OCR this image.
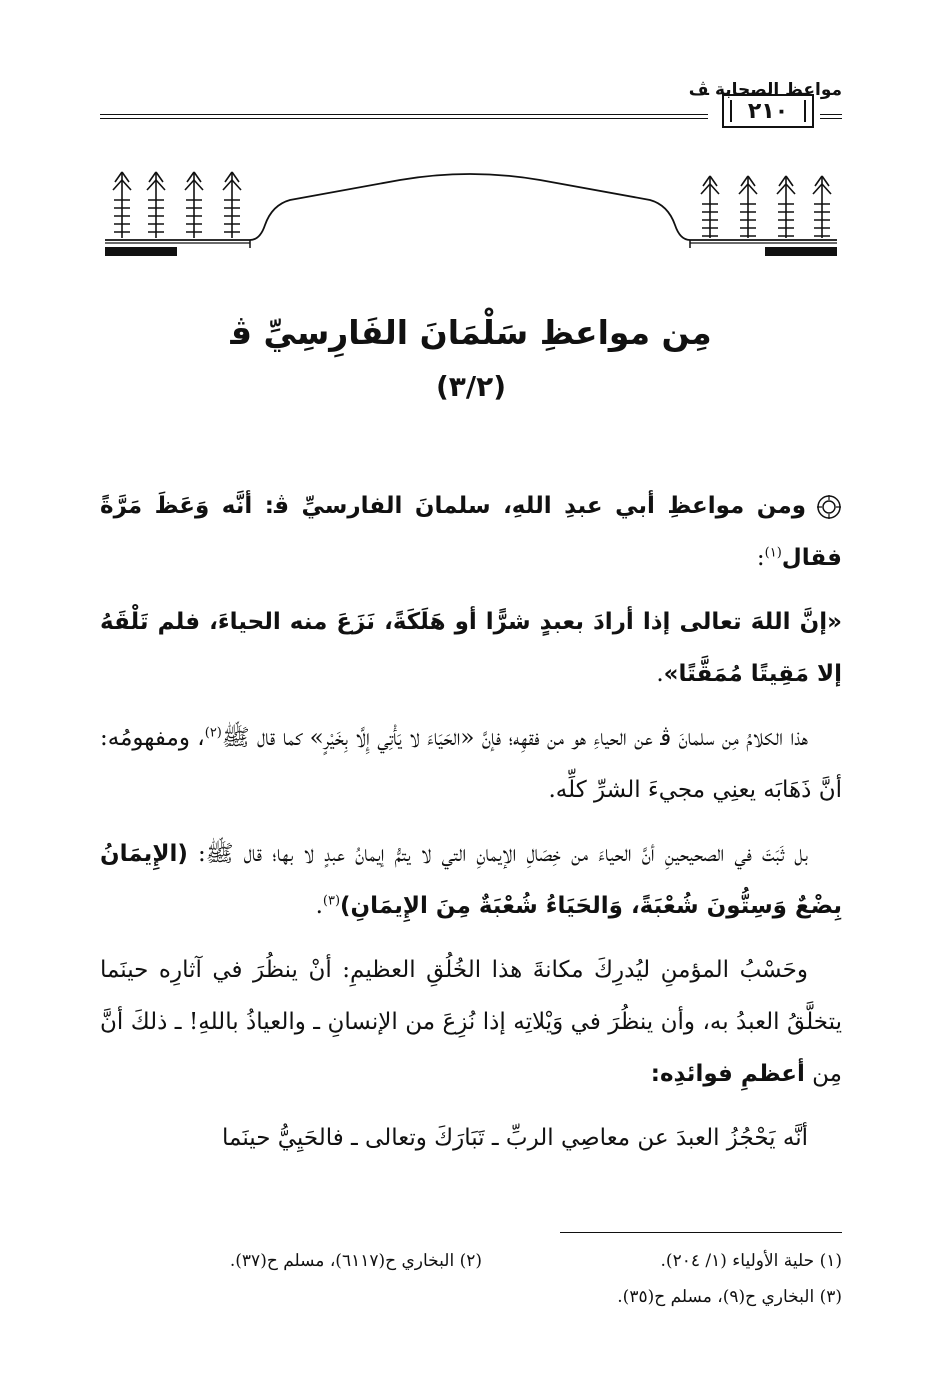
مواعظ الصحابة ﭫ
٢١٠
مِن مواعظِ سَلْمَانَ الفَارِسِيِّ ﭬ
(٣/٢)

ومن مواعظِ أبي عبدِ اللهِ، سلمانَ الفارسيِّ ﭬ: أنَّه وَعَظَ مَرَّةً فقال$^{(١)}$:

«إنَّ اللهَ تعالى إذا أرادَ بعبدٍ شرًّا أو هَلَكَةً، نَزَعَ منه الحياءَ، فلم تَلْقَهُ إلا مَقِيتًا مُمَقَّتًا».

هذا الكلامُ مِن سلمانَ ﭬ عن الحياءِ هو من فقهِه؛ فإنَّ «الحَيَاءَ لا يَأْتِي إِلَّا بِخَيْرٍ» كما قال ﷺ$^{(٢)}$، ومفهومُه: أنَّ ذَهَابَه يعنِي مجيءَ الشرِّ كلِّه.

بل ثَبَتَ في الصحيحينِ أنَّ الحياءَ من خِصَالِ الإيمانِ التي لا يتمُّ إيمانُ عبدٍ لا بها؛ قال ﷺ: (الإِيمَانُ بِضْعٌ وَسِتُّونَ شُعْبَةً، وَالحَيَاءُ شُعْبَةٌ مِنَ الإِيمَانِ)$^{(٣)}$.

وحَسْبُ المؤمنِ ليُدرِكَ مكانةَ هذا الخُلُقِ العظيمِ: أنْ ينظُرَ في آثارِه حينَما يتخلَّقُ العبدُ به، وأن ينظُرَ في وَيْلاتِه إذا نُزِعَ من الإنسانِ ـ والعياذُ باللهِ! ـ ذلكَ أنَّ مِن أعظمِ فوائدِه:

أنَّه يَحْجُزُ العبدَ عن معاصِي الربِّ ـ تَبَارَكَ وتعالى ـ فالحَيِيُّ حينَما

(١) حلية الأولياء (١/ ٢٠٤).
(٢) البخاري ح(٦١١٧)، مسلم ح(٣٧).
(٣) البخاري ح(٩)، مسلم ح(٣٥).
